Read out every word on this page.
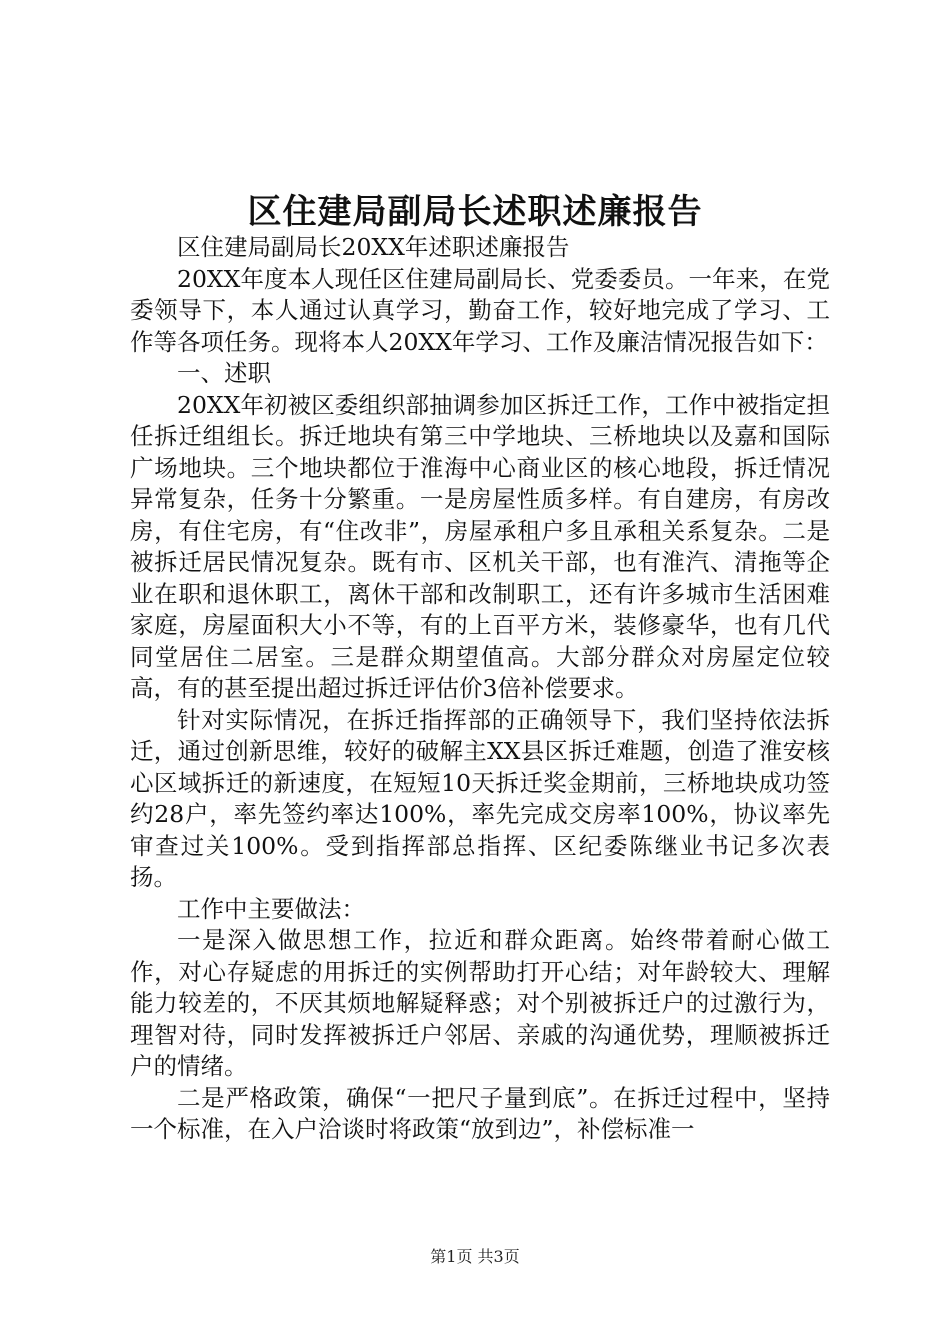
区住建局副局长述职述廉报告

区住建局副局长20XX年述职述廉报告

20XX年度本人现任区住建局副局长、党委委员。一年来，在党委领导下，本人通过认真学习，勤奋工作，较好地完成了学习、工作等各项任务。现将本人20XX年学习、工作及廉洁情况报告如下：

一、述职

20XX年初被区委组织部抽调参加区拆迁工作，工作中被指定担任拆迁组组长。拆迁地块有第三中学地块、三桥地块以及嘉和国际广场地块。三个地块都位于淮海中心商业区的核心地段，拆迁情况异常复杂，任务十分繁重。一是房屋性质多样。有自建房，有房改房，有住宅房，有“住改非”，房屋承租户多且承租关系复杂。二是被拆迁居民情况复杂。既有市、区机关干部，也有淮汽、清拖等企业在职和退休职工，离休干部和改制职工，还有许多城市生活困难家庭，房屋面积大小不等，有的上百平方米，装修豪华，也有几代同堂居住二居室。三是群众期望值高。大部分群众对房屋定位较高，有的甚至提出超过拆迁评估价3倍补偿要求。

针对实际情况，在拆迁指挥部的正确领导下，我们坚持依法拆迁，通过创新思维，较好的破解主XX县区拆迁难题，创造了淮安核心区域拆迁的新速度，在短短10天拆迁奖金期前，三桥地块成功签约28户，率先签约率达100%，率先完成交房率100%，协议率先审查过关100%。受到指挥部总指挥、区纪委陈继业书记多次表扬。

工作中主要做法：

一是深入做思想工作，拉近和群众距离。始终带着耐心做工作，对心存疑虑的用拆迁的实例帮助打开心结；对年龄较大、理解能力较差的，不厌其烦地解疑释惑；对个别被拆迁户的过激行为，理智对待，同时发挥被拆迁户邻居、亲戚的沟通优势，理顺被拆迁户的情绪。

二是严格政策，确保“一把尺子量到底”。在拆迁过程中，坚持一个标准，在入户洽谈时将政策“放到边”，补偿标准一

第1页 共3页
